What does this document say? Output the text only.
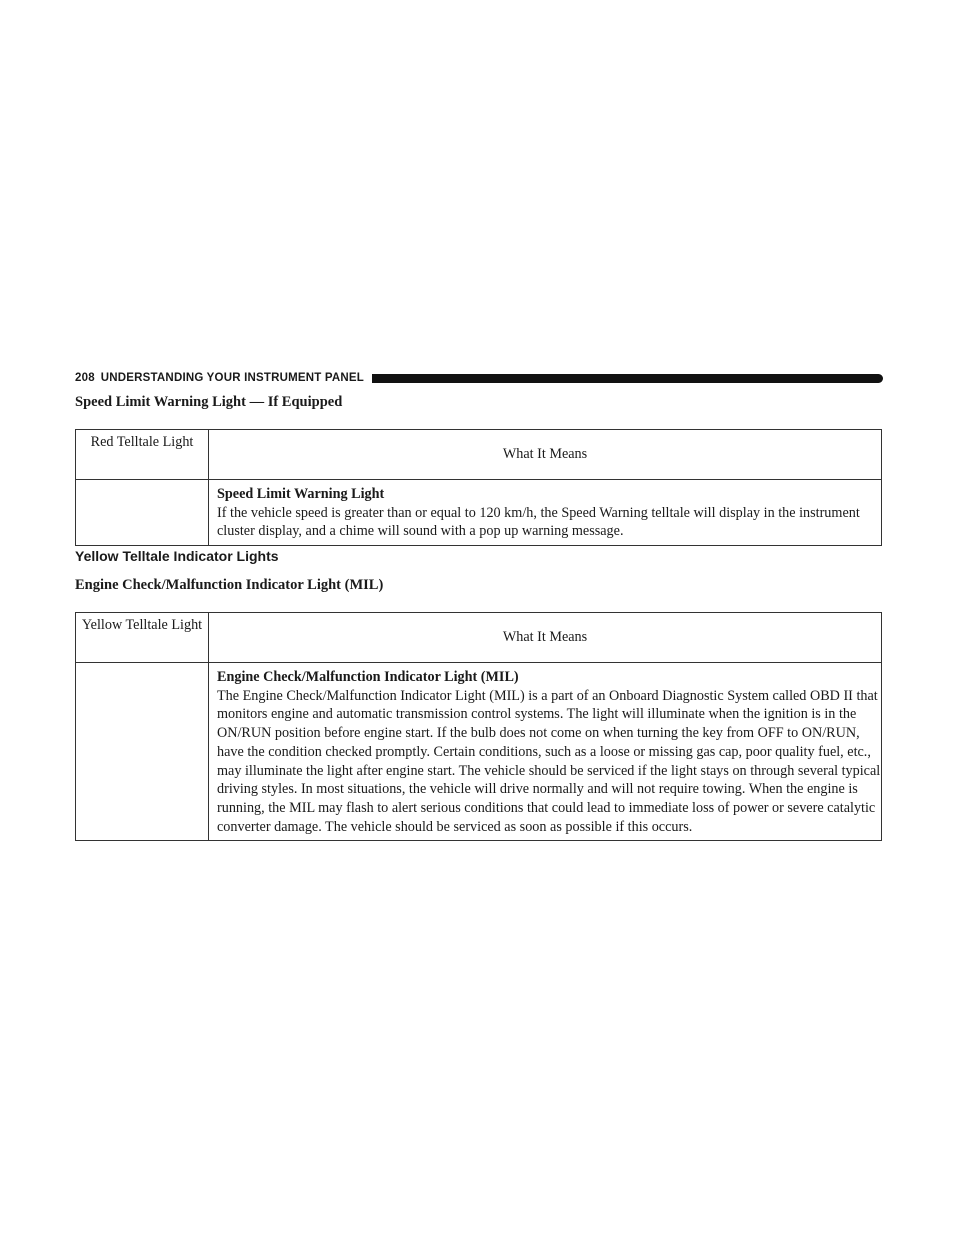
208 UNDERSTANDING YOUR INSTRUMENT PANEL
Speed Limit Warning Light — If Equipped
Red Telltale Light	What It Means

	Speed Limit Warning Light
If the vehicle speed is greater than or equal to 120 km/h, the Speed Warning telltale will display in the instrument cluster display, and a chime will sound with a pop up warning message.
Yellow Telltale Indicator Lights
Engine Check/Malfunction Indicator Light (MIL)
Yellow Telltale Light	What It Means

	Engine Check/Malfunction Indicator Light (MIL)
The Engine Check/Malfunction Indicator Light (MIL) is a part of an Onboard Diagnostic System called OBD II that monitors engine and automatic transmission control systems. The light will illuminate when the ignition is in the ON/RUN position before engine start. If the bulb does not come on when turning the key from OFF to ON/RUN, have the condition checked promptly. Certain conditions, such as a loose or missing gas cap, poor quality fuel, etc., may illuminate the light after engine start. The vehicle should be serviced if the light stays on through several typical driving styles. In most situations, the vehicle will drive normally and will not require towing. When the engine is running, the MIL may flash to alert serious conditions that could lead to immediate loss of power or severe catalytic converter damage. The vehicle should be serviced as soon as possible if this occurs.
